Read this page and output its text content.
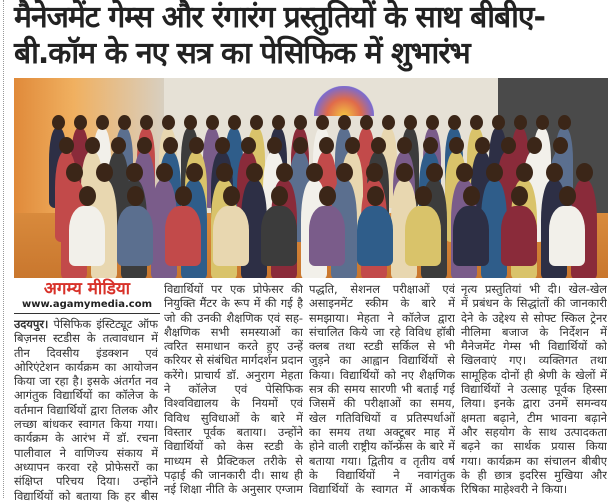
मैनेजमेंट गेम्स और रंगारंग प्रस्तुतियों के साथ बीबीए-
बी.कॉम के नए सत्र का पेसिफिक में शुभारंभ
अगम्य मीडिया
www.agamymedia.com
उदयपुर। पेसिफिक इंस्टिट्यूट ऑफ
बिज़नस स्टडीस के तत्वावधान में
तीन दिवसीय इंडक्शन एवं
ओरिएंटेशन कार्यक्रम का आयोजन
किया जा रहा है। इसके अंतर्गत नव
आगंतुक विद्यार्थियों का कॉलेज के
वर्तमान विद्यार्थियों द्वारा तिलक और
लच्छा बांधकर स्वागत किया गया।
कार्यक्रम के आरंभ में डॉ. रचना
पालीवाल ने वाणिज्य संकाय में
अध्यापन करवा रहे प्रोफेसरों का
संक्षिप्त परिचय दिया। उन्होंने
विद्यार्थियों को बताया कि हर बीस
विद्यार्थियों पर एक प्रोफेसर की
नियुक्ति मैंटर के रूप में की गई है
जो की उनकी शैक्षणिक एवं सह-
शैक्षणिक सभी समस्याओं का
त्वरित समाधान करते हुए उन्हें
करियर से संबंधित मार्गदर्शन प्रदान
करेंगे। प्राचार्य डॉ. अनुराग मेहता
ने कॉलेज एवं पेसिफिक
विश्वविद्यालय के नियमों एवं
विविध सुविधाओं के बारे में
विस्तार पूर्वक बताया। उन्होंने
विद्यार्थियों को केस स्टडी के
माध्यम से प्रैक्टिकल तरीके से
पढ़ाई की जानकारी दी। साथ ही
नई शिक्षा नीति के अनुसार एग्जाम
पद्धति, सेशनल परीक्षाओं एवं
असाइनमेंट स्कीम के बारे में
समझाया। मेहता ने कॉलेज द्वारा
संचालित किये जा रहे विविध हॉबी
क्लब तथा स्टडी सर्किल से भी
जुड़ने का आह्वान विद्यार्थियों से
किया। विद्यार्थियों को नए शैक्षणिक
सत्र की समय सारणी भी बताई गई
जिसमें की परीक्षाओं का समय,
खेल गतिविधियों व प्रतिस्पर्धाओं
का समय तथा अक्टूबर माह में
होने वाली राष्ट्रीय कॉन्फ्रेंस के बारे में
बताया गया। द्वितीय व तृतीय वर्ष
के विद्यार्थियों ने नवागंतुक
विद्यार्थियों के स्वागत में आकर्षक
नृत्य प्रस्तुतियां भी दी। खेल-खेल
में प्रबंधन के सिद्धांतों की जानकारी
देने के उद्देश्य से सोफ्ट स्किल ट्रेनर
नीलिमा बजाज के निर्देशन में
मैनेजमेंट गेम्स भी विद्यार्थियों को
खिलवाएं गए। व्यक्तिगत तथा
सामूहिक दोनों ही श्रेणी के खेलों में
विद्यार्थियों ने उत्साह पूर्वक हिस्सा
लिया। इनके द्वारा उनमें समन्वय
क्षमता बढ़ाने, टीम भावना बढ़ाने
और सहयोग के साथ उत्पादकता
बढ़ने का सार्थक प्रयास किया
गया। कार्यक्रम का संचालन बीबीए
के ही छात्र इदरिस मुखिया और
रिषिका माहेश्वरी ने किया।
